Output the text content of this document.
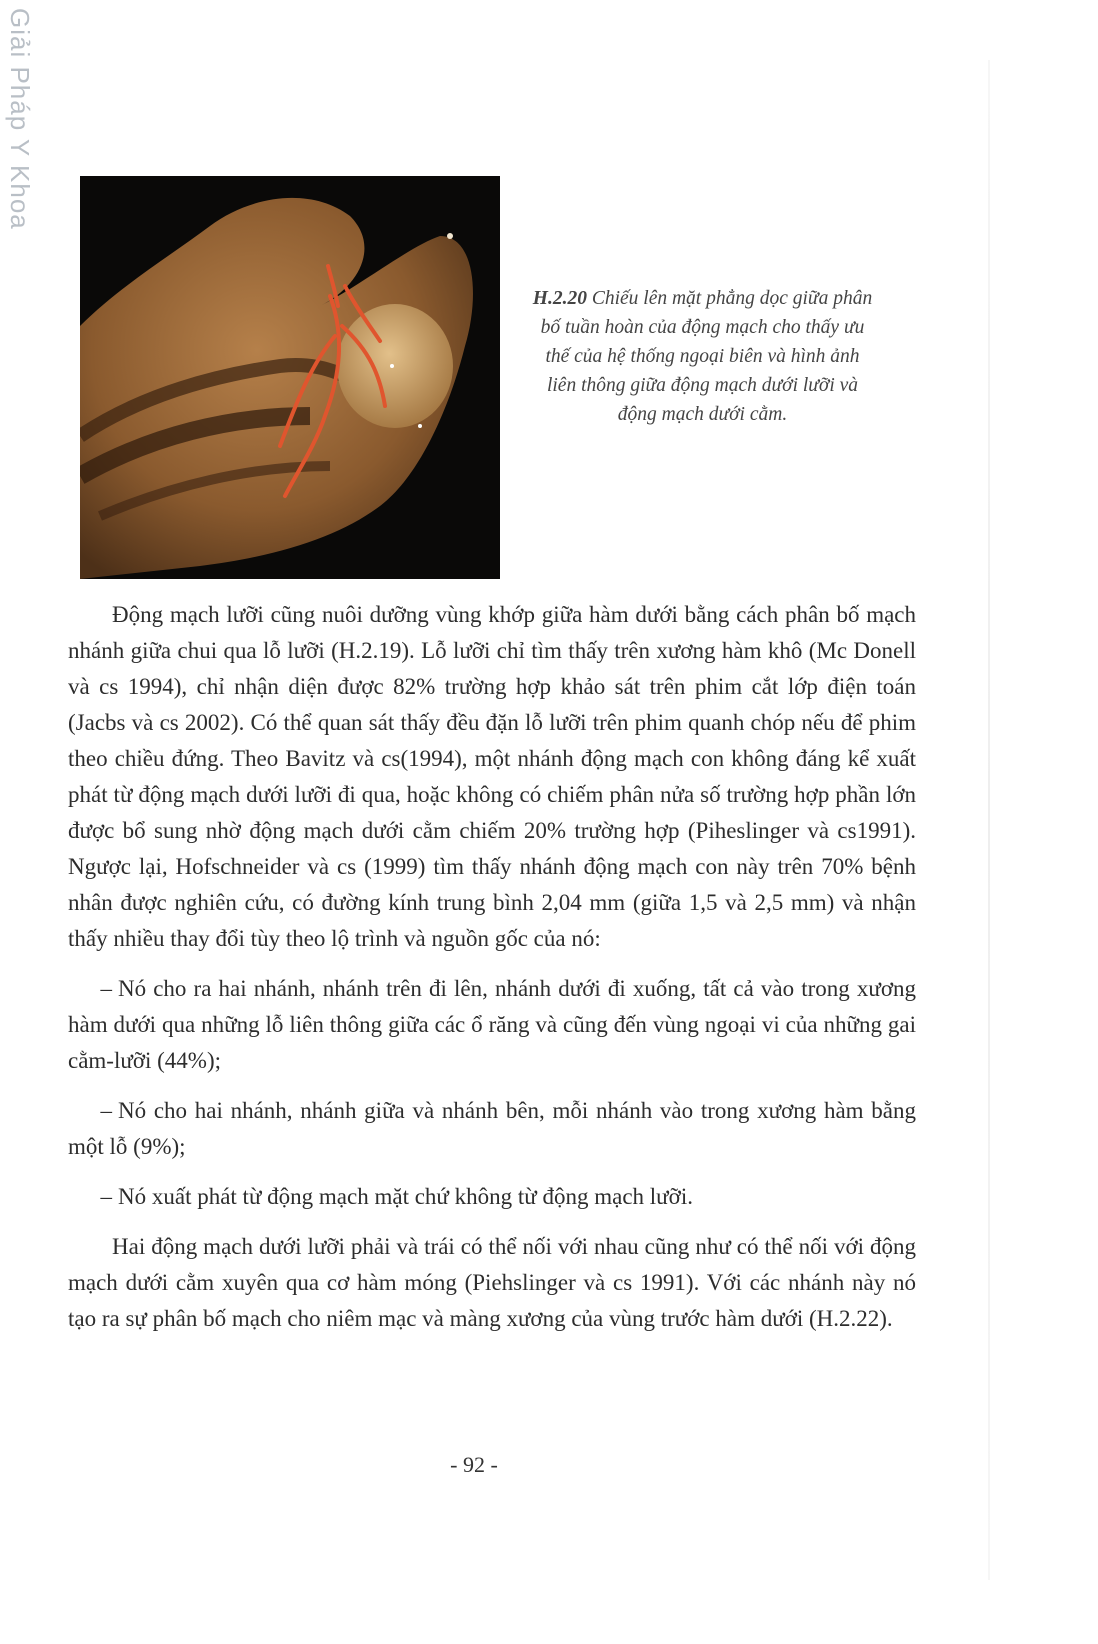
Giải Pháp Y Khoa
H.2.20 Chiếu lên mặt phẳng dọc giữa phân bố tuần hoàn của động mạch cho thấy ưu thế của hệ thống ngoại biên và hình ảnh liên thông giữa động mạch dưới lưỡi và động mạch dưới cằm.

Động mạch lưỡi cũng nuôi dưỡng vùng khớp giữa hàm dưới bằng cách phân bố mạch nhánh giữa chui qua lỗ lưỡi (H.2.19). Lỗ lưỡi chỉ tìm thấy trên xương hàm khô (Mc Donell và cs 1994), chỉ nhận diện được 82% trường hợp khảo sát trên phim cắt lớp điện toán (Jacbs và cs 2002). Có thể quan sát thấy đều đặn lỗ lưỡi trên phim quanh chóp nếu để phim theo chiều đứng. Theo Bavitz và cs(1994), một nhánh động mạch con không đáng kể xuất phát từ động mạch dưới lưỡi đi qua, hoặc không có chiếm phân nửa số trường hợp phần lớn được bổ sung nhờ động mạch dưới cằm chiếm 20% trường hợp (Piheslinger và cs1991). Ngược lại, Hofschneider và cs (1999) tìm thấy nhánh động mạch con này trên 70% bệnh nhân được nghiên cứu, có đường kính trung bình 2,04 mm (giữa 1,5 và 2,5 mm) và nhận thấy nhiều thay đổi tùy theo lộ trình và nguồn gốc của nó:

– Nó cho ra hai nhánh, nhánh trên đi lên, nhánh dưới đi xuống, tất cả vào trong xương hàm dưới qua những lỗ liên thông giữa các ổ răng và cũng đến vùng ngoại vi của những gai cằm-lưỡi (44%);

– Nó cho hai nhánh, nhánh giữa và nhánh bên, mỗi nhánh vào trong xương hàm bằng một lỗ (9%);

– Nó xuất phát từ động mạch mặt chứ không từ động mạch lưỡi.

Hai động mạch dưới lưỡi phải và trái có thể nối với nhau cũng như có thể nối với động mạch dưới cằm xuyên qua cơ hàm móng (Piehslinger và cs 1991). Với các nhánh này nó tạo ra sự phân bố mạch cho niêm mạc và màng xương của vùng trước hàm dưới (H.2.22).

- 92 -
